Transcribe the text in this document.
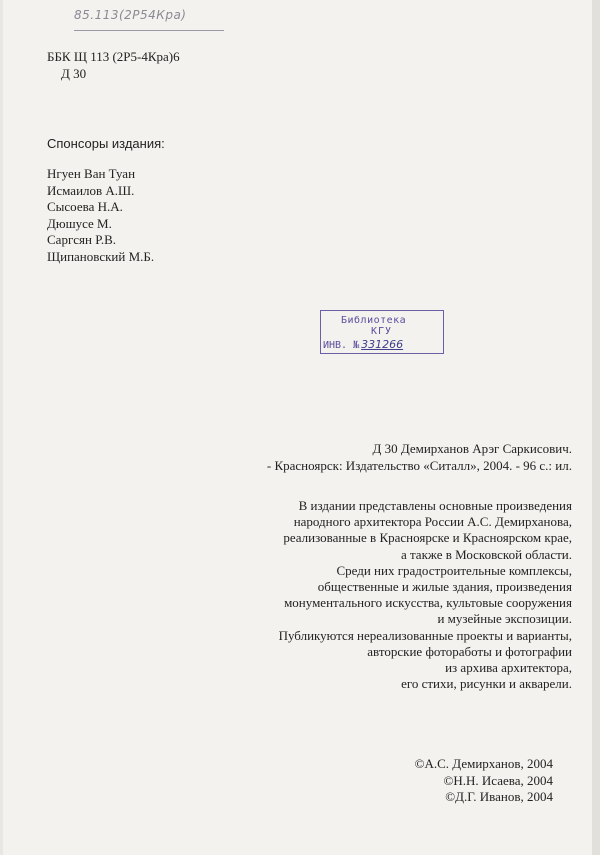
85.113(2Р54Кра)
ББК Щ 113 (2Р5-4Кра)6
Д 30
Спонсоры издания:
Нгуен Ван Туан
Исмаилов А.Ш.
Сысоева Н.А.
Дюшусе М.
Саргсян Р.В.
Щипановский М.Б.
Библиотека
КГУ
ИНВ. № 331266
Д 30 Демирханов Арэг Саркисович.
- Красноярск: Издательство «Ситалл», 2004. - 96 с.: ил.
В издании представлены основные произведения
народного архитектора России А.С. Демирханова,
реализованные в Красноярске и Красноярском крае,
а также в Московской области.
Среди них градостроительные комплексы,
общественные и жилые здания, произведения
монументального искусства, культовые сооружения
и музейные экспозиции.
Публикуются нереализованные проекты и варианты,
авторские фотоработы и фотографии
из архива архитектора,
его стихи, рисунки и акварели.
©А.С. Демирханов, 2004
©Н.Н. Исаева, 2004
©Д.Г. Иванов, 2004
